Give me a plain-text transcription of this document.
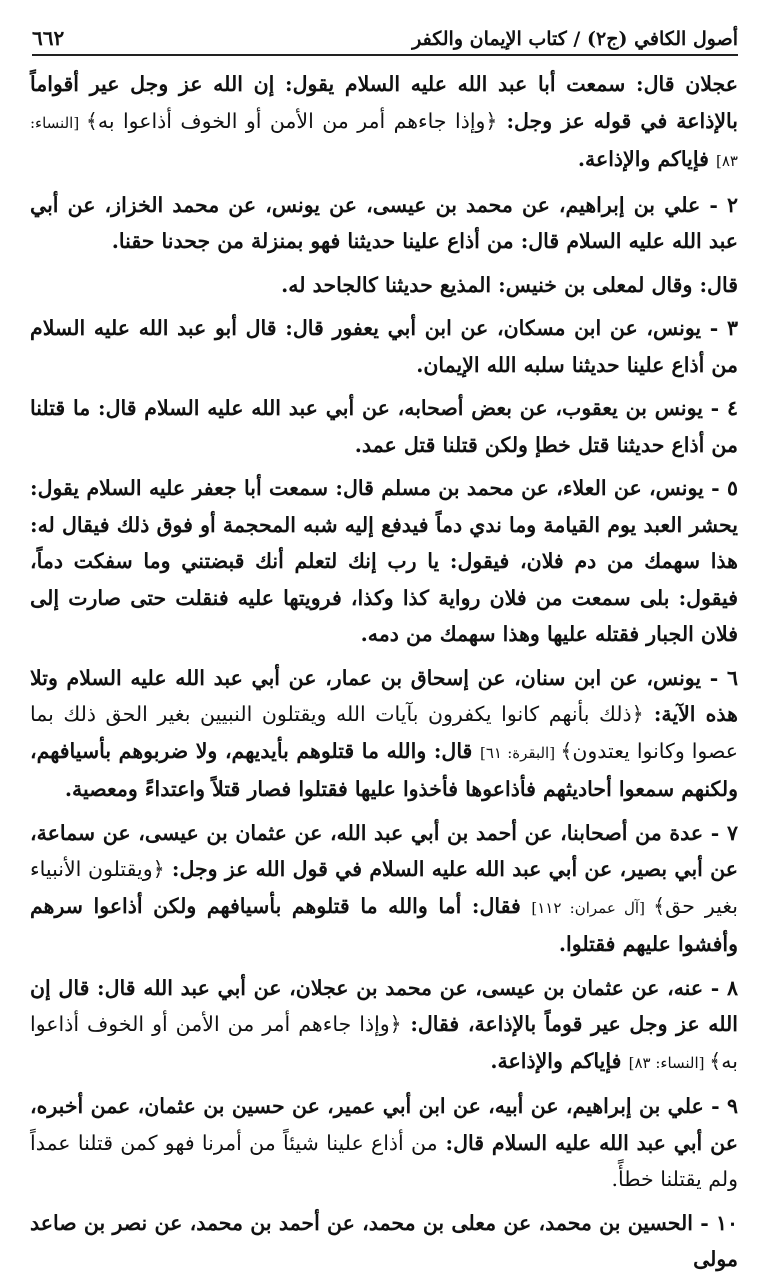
أصول الكافي (ج٢) / كتاب الإيمان والكفر
٦٦٢

عجلان قال: سمعت أبا عبد الله عليه السلام يقول: إن الله عز وجل عير أقواماً بالإذاعة في قوله عز وجل: ﴿وإذا جاءهم أمر من الأمن أو الخوف أذاعوا به﴾ [النساء: ٨٣] فإياكم والإذاعة.

٢ - علي بن إبراهيم، عن محمد بن عيسى، عن يونس، عن محمد الخزاز، عن أبي عبد الله عليه السلام قال: من أذاع علينا حديثنا فهو بمنزلة من جحدنا حقنا.

قال: وقال لمعلى بن خنيس: المذيع حديثنا كالجاحد له.

٣ - يونس، عن ابن مسكان، عن ابن أبي يعفور قال: قال أبو عبد الله عليه السلام من أذاع علينا حديثنا سلبه الله الإيمان.

٤ - يونس بن يعقوب، عن بعض أصحابه، عن أبي عبد الله عليه السلام قال: ما قتلنا من أذاع حديثنا قتل خطإ ولكن قتلنا قتل عمد.

٥ - يونس، عن العلاء، عن محمد بن مسلم قال: سمعت أبا جعفر عليه السلام يقول: يحشر العبد يوم القيامة وما ندي دماً فيدفع إليه شبه المحجمة أو فوق ذلك فيقال له: هذا سهمك من دم فلان، فيقول: يا رب إنك لتعلم أنك قبضتني وما سفكت دماً، فيقول: بلى سمعت من فلان رواية كذا وكذا، فرويتها عليه فنقلت حتى صارت إلى فلان الجبار فقتله عليها وهذا سهمك من دمه.

٦ - يونس، عن ابن سنان، عن إسحاق بن عمار، عن أبي عبد الله عليه السلام وتلا هذه الآية: ﴿ذلك بأنهم كانوا يكفرون بآيات الله ويقتلون النبيين بغير الحق ذلك بما عصوا وكانوا يعتدون﴾ [البقرة: ٦١] قال: والله ما قتلوهم بأيديهم، ولا ضربوهم بأسيافهم، ولكنهم سمعوا أحاديثهم فأذاعوها فأخذوا عليها فقتلوا فصار قتلاً واعتداءً ومعصية.

٧ - عدة من أصحابنا، عن أحمد بن أبي عبد الله، عن عثمان بن عيسى، عن سماعة، عن أبي بصير، عن أبي عبد الله عليه السلام في قول الله عز وجل: ﴿ويقتلون الأنبياء بغير حق﴾ [آل عمران: ١١٢] فقال: أما والله ما قتلوهم بأسيافهم ولكن أذاعوا سرهم وأفشوا عليهم فقتلوا.

٨ - عنه، عن عثمان بن عيسى، عن محمد بن عجلان، عن أبي عبد الله قال: قال إن الله عز وجل عير قوماً بالإذاعة، فقال: ﴿وإذا جاءهم أمر من الأمن أو الخوف أذاعوا به﴾ [النساء: ٨٣] فإياكم والإذاعة.

٩ - علي بن إبراهيم، عن أبيه، عن ابن أبي عمير، عن حسين بن عثمان، عمن أخبره، عن أبي عبد الله عليه السلام قال: من أذاع علينا شيئاً من أمرنا فهو كمن قتلنا عمداً ولم يقتلنا خطأً.

١٠ - الحسين بن محمد، عن معلى بن محمد، عن أحمد بن محمد، عن نصر بن صاعد مولى
